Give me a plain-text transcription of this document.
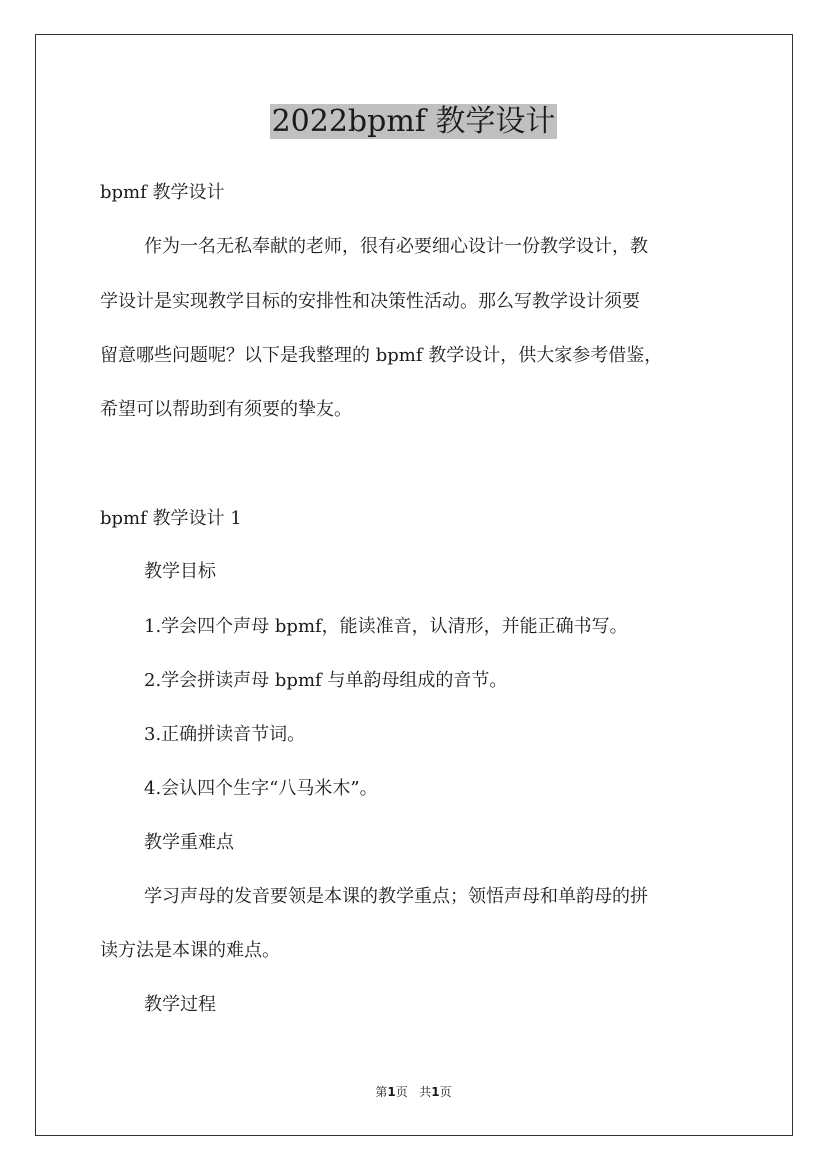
2022bpmf 教学设计

bpmf 教学设计

作为一名无私奉献的老师，很有必要细心设计一份教学设计，教

学设计是实现教学目标的安排性和决策性活动。那么写教学设计须要

留意哪些问题呢？以下是我整理的 bpmf 教学设计，供大家参考借鉴，

希望可以帮助到有须要的挚友。

bpmf 教学设计 1

教学目标

1.学会四个声母 bpmf，能读准音，认清形，并能正确书写。

2.学会拼读声母 bpmf 与单韵母组成的音节。

3.正确拼读音节词。

4.会认四个生字“八马米木”。

教学重难点

学习声母的发音要领是本课的教学重点；领悟声母和单韵母的拼

读方法是本课的难点。

教学过程

第1页 共1页
